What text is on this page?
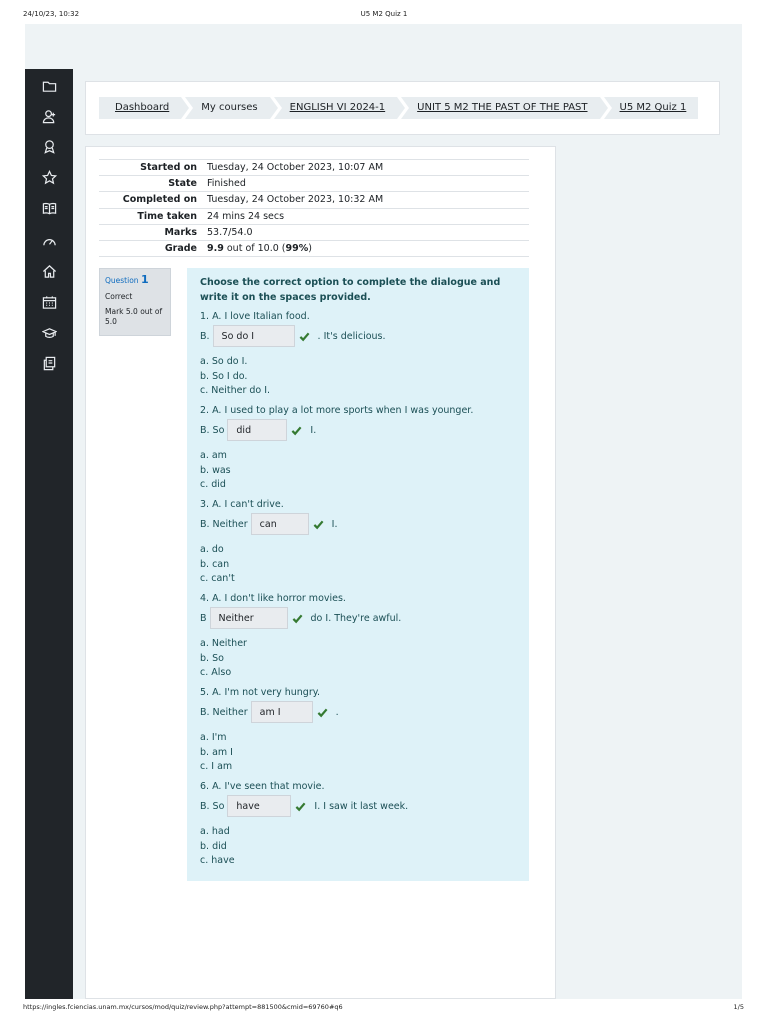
24/10/23, 10:32	U5 M2 Quiz 1
Dashboard	My courses	ENGLISH VI 2024-1	UNIT 5 M2 THE PAST OF THE PAST	U5 M2 Quiz 1
Started on	Tuesday, 24 October 2023, 10:07 AM
State	Finished
Completed on	Tuesday, 24 October 2023, 10:32 AM
Time taken	24 mins 24 secs
Marks	53.7/54.0
Grade	9.9 out of 10.0 (99%)
Question 1
Correct
Mark 5.0 out of 5.0
Choose the correct option to complete the dialogue and write it on the spaces provided.
1. A. I love Italian food.
B.	So do I	. It's delicious.
a. So do I.
b. So I do.
c. Neither do I.
2. A. I used to play a lot more sports when I was younger.
B. So	did	I.
a. am
b. was
c. did
3. A. I can't drive.
B. Neither	can	I.
a. do
b. can
c. can't
4. A. I don't like horror movies.
B	Neither	do I. They're awful.
a. Neither
b. So
c. Also
5. A. I'm not very hungry.
B. Neither	am I	.
a. I'm
b. am I
c. I am
6. A. I've seen that movie.
B. So	have	I. I saw it last week.
a. had
b. did
c. have
https://ingles.fciencias.unam.mx/cursos/mod/quiz/review.php?attempt=881500&cmid=69760#q6	1/5
